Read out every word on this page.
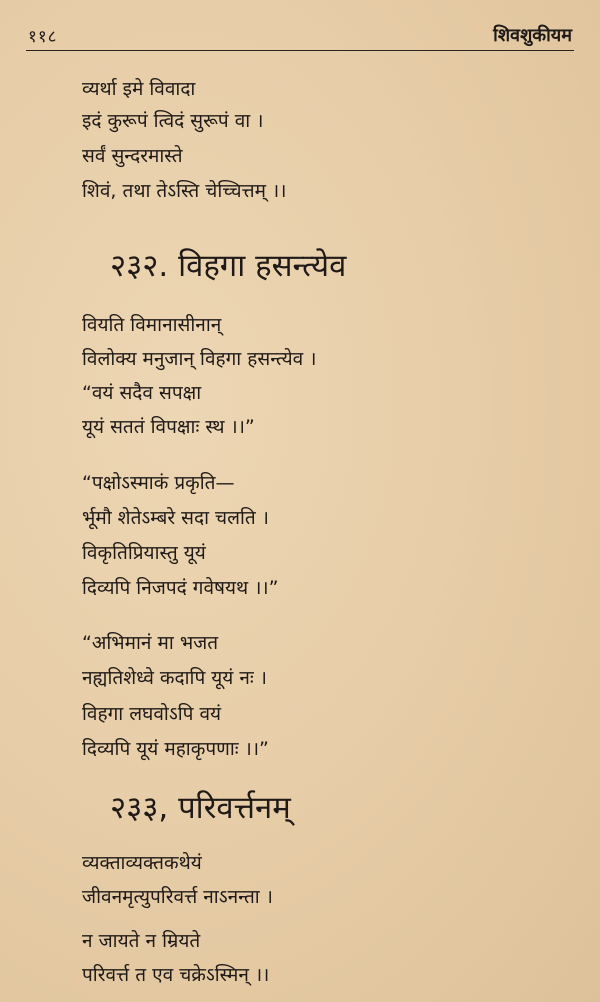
११८	शिवशुकीयम
व्यर्था इमे विवादा
इदं कुरूपं त्विदं सुरूपं वा ।
सर्वं सुन्दरमास्ते
शिवं, तथा तेऽस्ति चेच्चित्तम् ।।
२३२. विहगा हसन्त्येव
वियति विमानासीनान्
विलोक्य मनुजान् विहगा हसन्त्येव ।
“वयं सदैव सपक्षा
यूयं सततं विपक्षाः स्थ ।।”
“पक्षोऽस्माकं प्रकृति—
र्भूमौ शेतेऽम्बरे सदा चलति ।
विकृतिप्रियास्तु यूयं
दिव्यपि निजपदं गवेषयथ ।।”
“अभिमानं मा भजत
नह्यतिशेध्वे कदापि यूयं नः ।
विहगा लघवोऽपि वयं
दिव्यपि यूयं महाकृपणाः ।।”
२३३, परिवर्त्तनम्
व्यक्ताव्यक्तकथेयं
जीवनमृत्युपरिवर्त्त नाऽनन्ता ।
न जायते न म्रियते
परिवर्त्त त एव चक्रेऽस्मिन् ।।
